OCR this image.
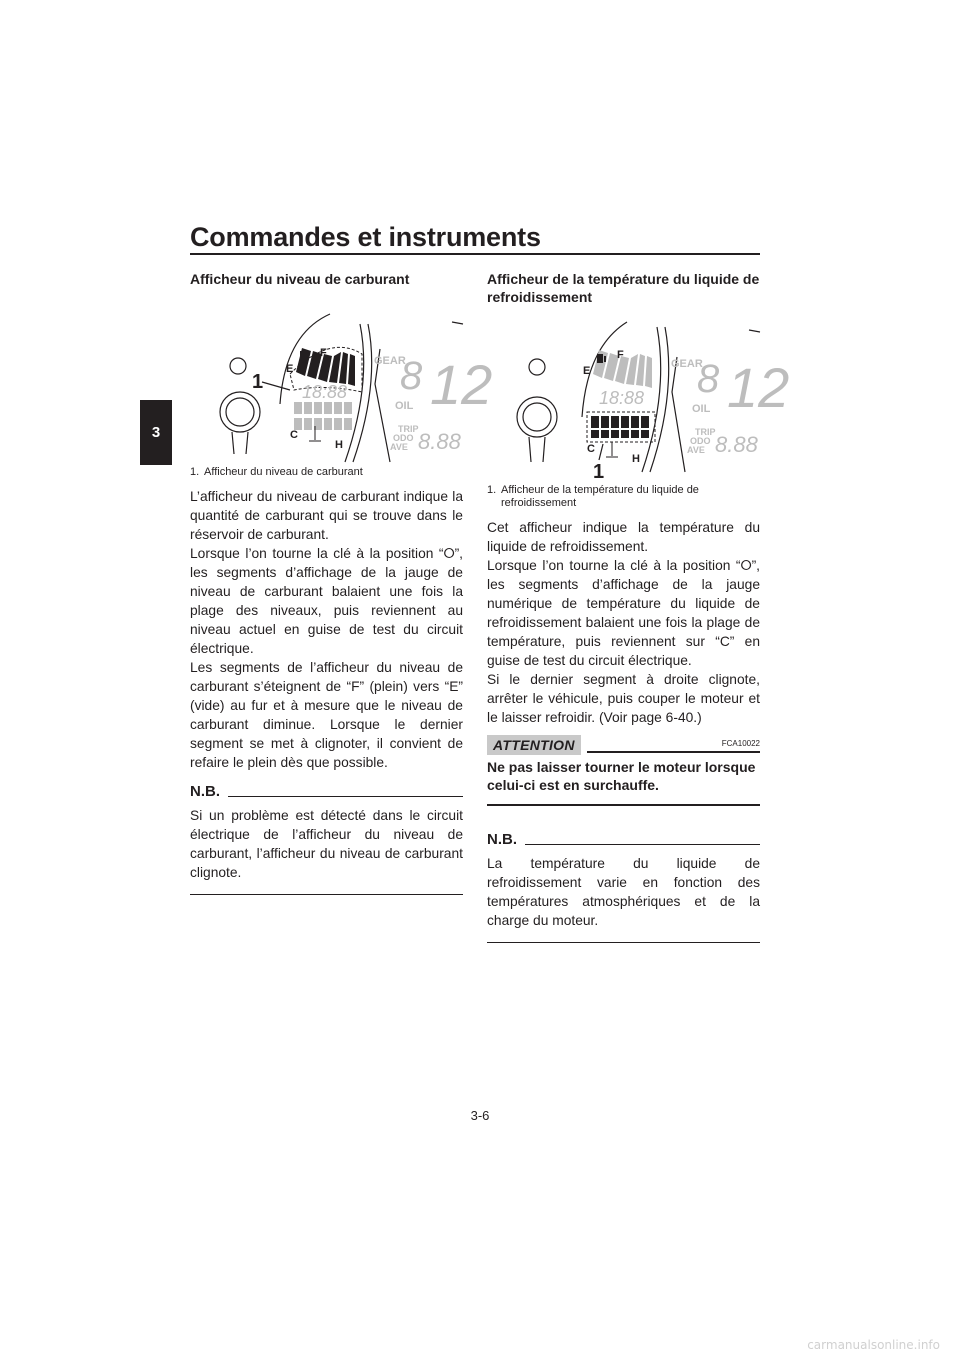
Commandes et instruments
3

Afficheur du niveau de carburant

18:88
GEAR
OIL
TRIP
ODO
AVE
8 12
8.88
E
F
C
H
1
1. Afficheur du niveau de carburant

L’afficheur du niveau de carburant indique la quantité de carburant qui se trouve dans le réservoir de carburant.

Lorsque l’on tourne la clé à la position “⭘”, les segments d’affichage de la jauge de niveau de carburant balaient une fois la plage des niveaux, puis reviennent au niveau actuel en guise de test du circuit électrique.

Les segments de l’afficheur du niveau de carburant s’éteignent de “F” (plein) vers “E” (vide) au fur et à mesure que le niveau de carburant diminue. Lorsque le dernier segment se met à clignoter, il convient de refaire le plein dès que possible.

N.B.

Si un problème est détecté dans le circuit électrique de l’afficheur du niveau de carburant, l’afficheur du niveau de carburant clignote.

Afficheur de la température du liquide de refroidissement

18:88
GEAR
OIL
TRIP
ODO
AVE
8 12
8.88
E
F
C
H
1
1. Afficheur de la température du liquide de refroidissement

Cet afficheur indique la température du liquide de refroidissement.

Lorsque l’on tourne la clé à la position “⭘”, les segments d’affichage de la jauge numérique de température du liquide de refroidissement balaient une fois la plage de température, puis reviennent sur “C” en guise de test du circuit électrique.

Si le dernier segment à droite clignote, arrêter le véhicule, puis couper le moteur et le laisser refroidir. (Voir page 6-40.)

ATTENTION	FCA10022

Ne pas laisser tourner le moteur lorsque celui-ci est en surchauffe.

N.B.

La température du liquide de refroidissement varie en fonction des températures atmosphériques et de la charge du moteur.

3-6
carmanualsonline.info
